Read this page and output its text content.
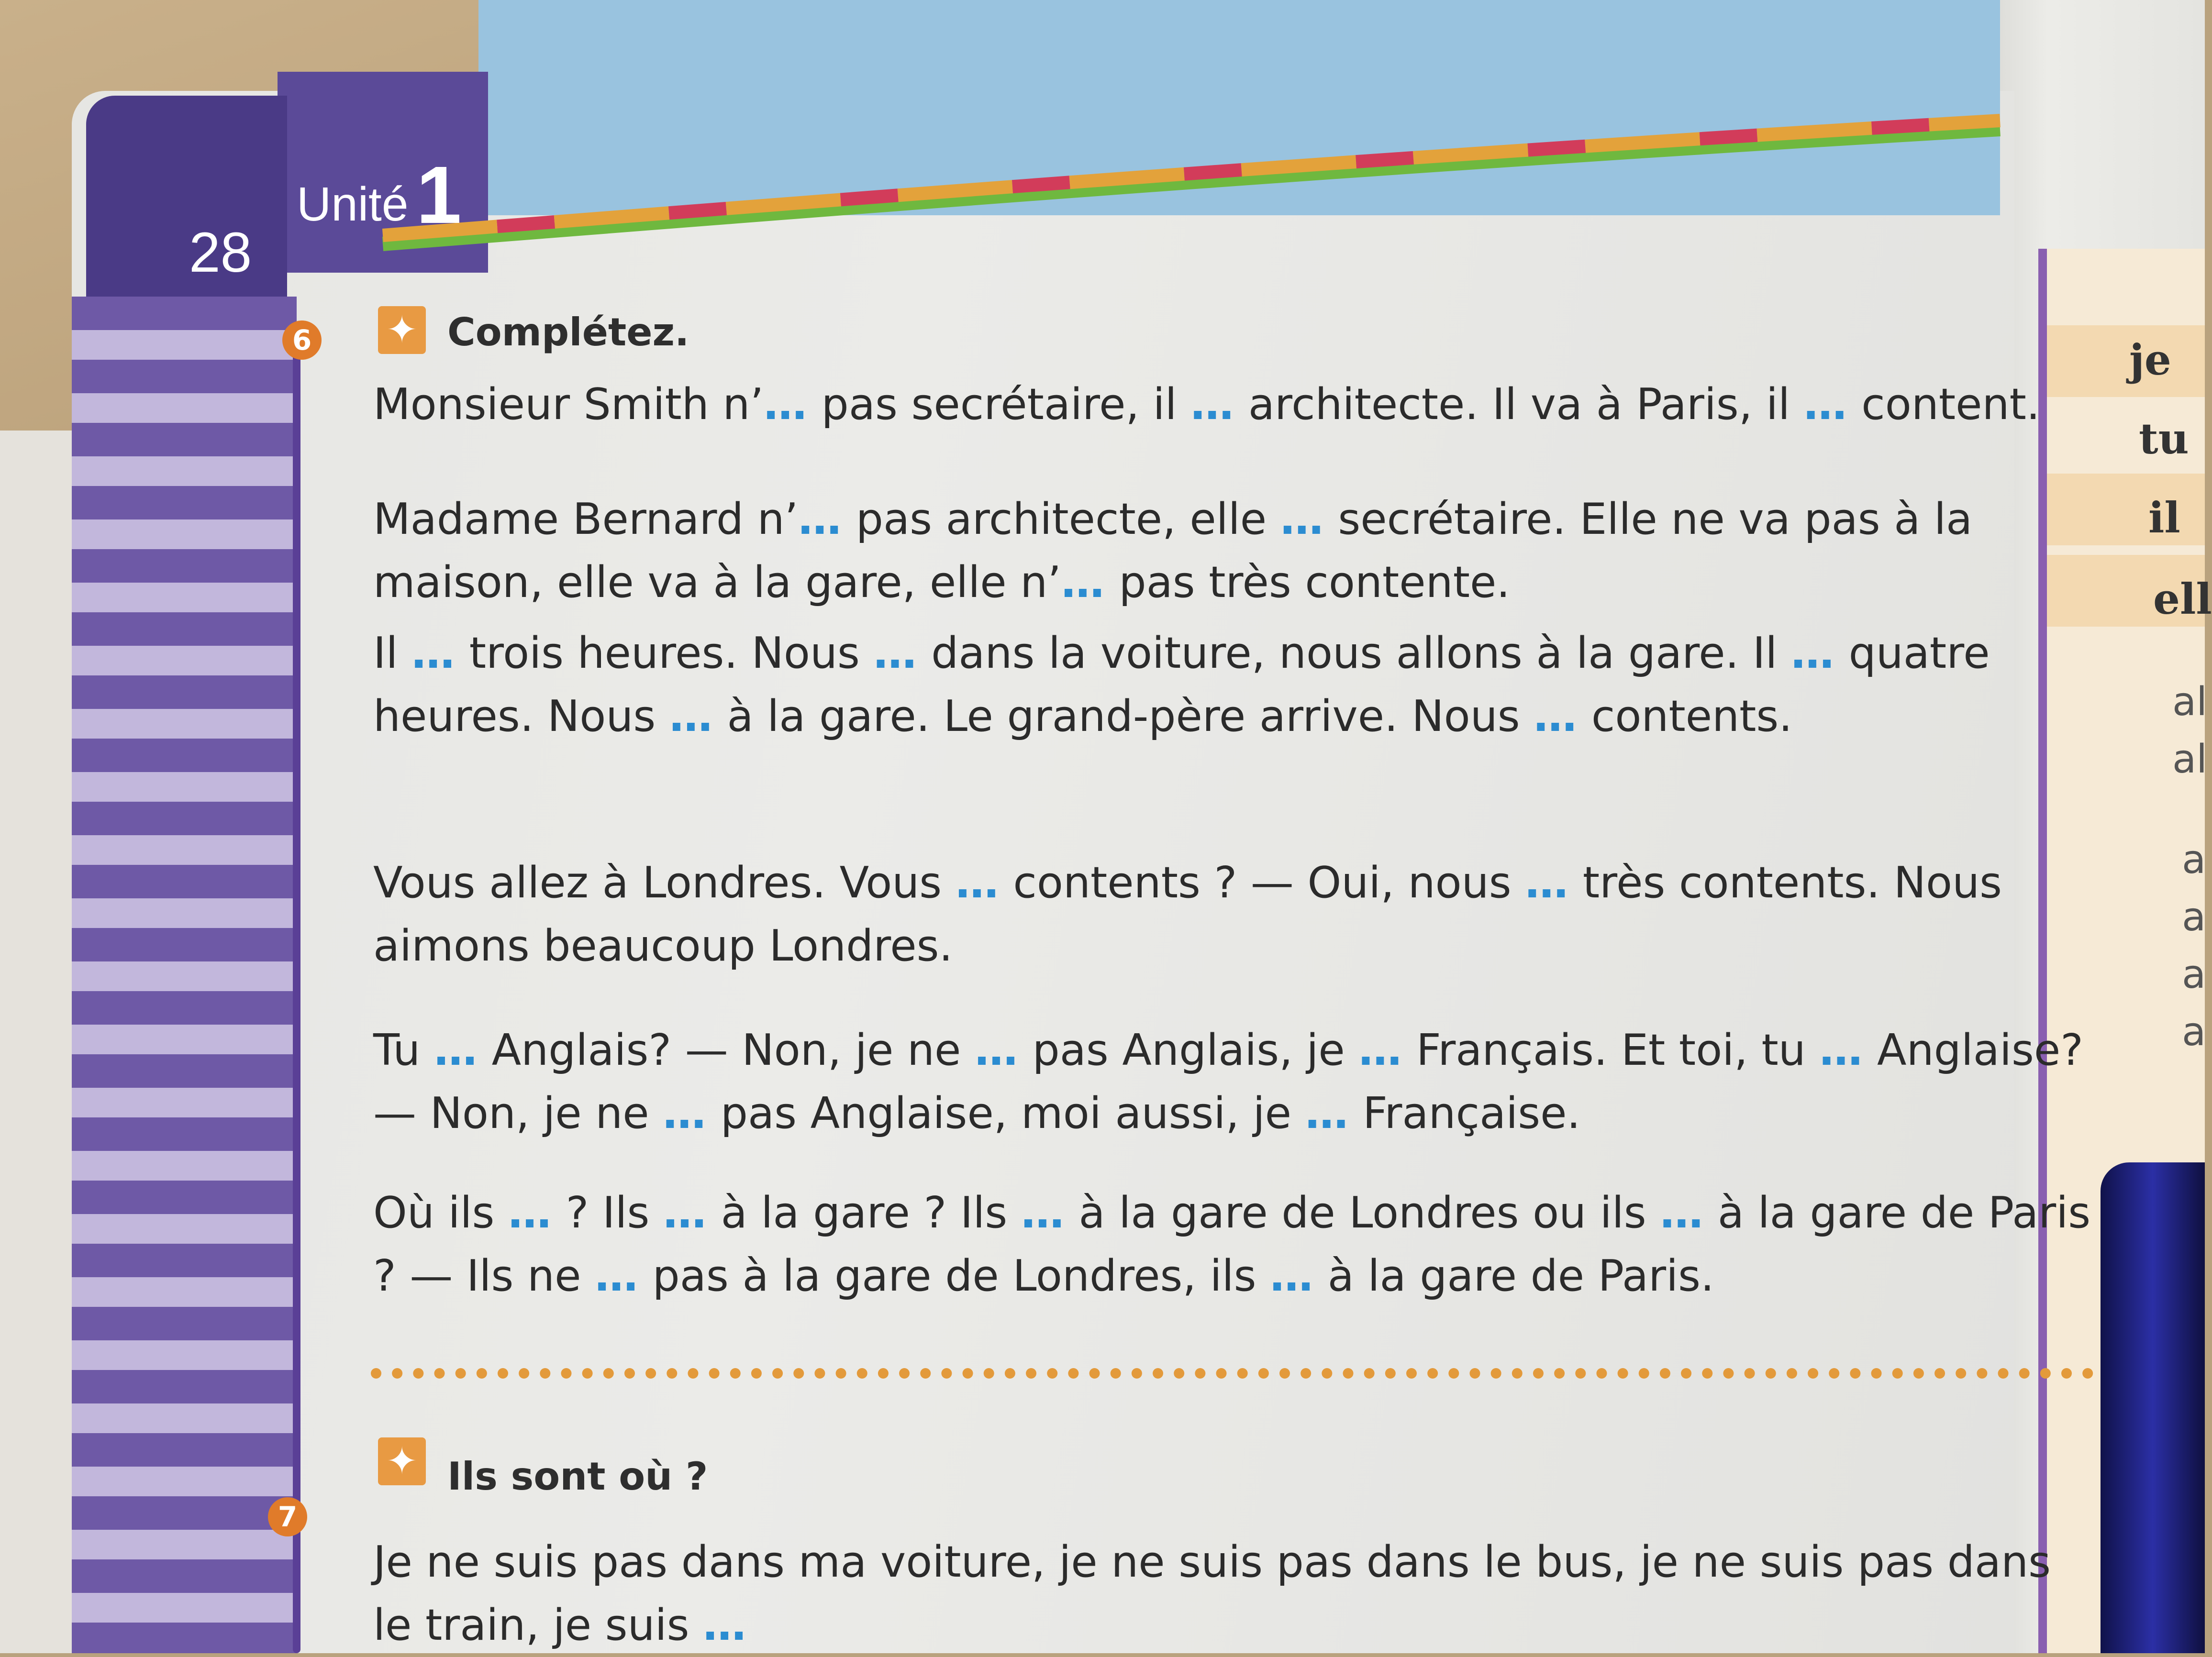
je
tu
il
ell
al
al
a
a
a
a
28
Unité 1
6 ✦ Complétez.
Monsieur Smith n’… pas secrétaire, il … architecte. Il va à Paris, il … content.
Madame Bernard n’… pas architecte, elle … secrétaire. Elle ne va pas à la maison, elle va à la gare, elle n’… pas très contente.
Il … trois heures. Nous … dans la voiture, nous allons à la gare. Il … quatre heures. Nous … à la gare. Le grand-père arrive. Nous … contents.
Vous allez à Londres. Vous … contents ? — Oui, nous … très contents. Nous aimons beaucoup Londres.
Tu … Anglais? — Non, je ne … pas Anglais, je … Français. Et toi, tu … Anglaise? — Non, je ne … pas Anglaise, moi aussi, je … Française.
Où ils … ? Ils … à la gare ? Ils … à la gare de Londres ou ils … à la gare de Paris ? — Ils ne … pas à la gare de Londres, ils … à la gare de Paris.
✦ Ils sont où ?
7
Je ne suis pas dans ma voiture, je ne suis pas dans le bus, je ne suis pas dans le train, je suis …
